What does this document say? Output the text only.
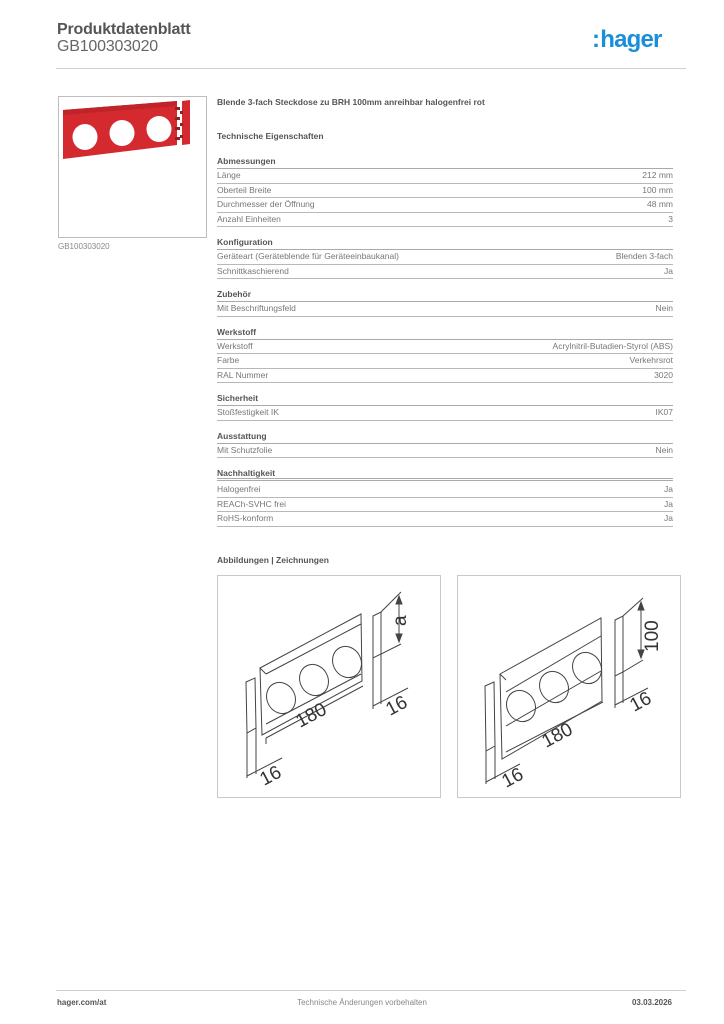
Produktdatenblatt
GB100303020	:hager
GB100303020
Blende 3-fach Steckdose zu BRH 100mm anreihbar halogenfrei rot
Technische Eigenschaften
Abmessungen
Länge	212 mm
Oberteil Breite	100 mm
Durchmesser der Öffnung	48 mm
Anzahl Einheiten	3
Konfiguration
Geräteart (Geräteblende für Geräteeinbaukanal)	Blenden 3-fach
Schnittkaschierend	Ja
Zubehör
Mit Beschriftungsfeld	Nein
Werkstoff
Werkstoff	Acrylnitril-Butadien-Styrol (ABS)
Farbe	Verkehrsrot
RAL Nummer	3020
Sicherheit
Stoßfestigkeit IK	IK07
Ausstattung
Mit Schutzfolie	Nein
Nachhaltigkeit
Halogenfrei	Ja
REACh-SVHC frei	Ja
RoHS-konform	Ja
Abbildungen | Zeichnungen
a
180	16
16
100
180
16
16
hager.com/at	Technische Änderungen vorbehalten	03.03.2026
